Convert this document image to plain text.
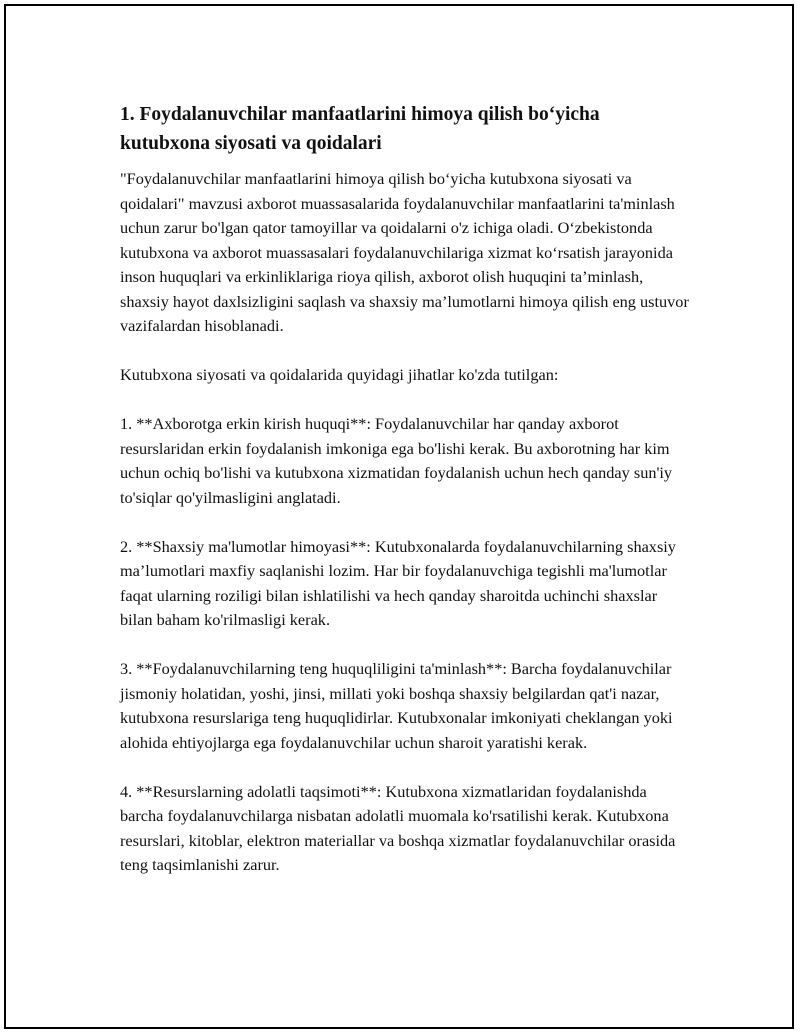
1. Foydalanuvchilar manfaatlarini himoya qilish bo‘yicha kutubxona siyosati va qoidalari

"Foydalanuvchilar manfaatlarini himoya qilish bo‘yicha kutubxona siyosati va qoidalari" mavzusi axborot muassasalarida foydalanuvchilar manfaatlarini ta'minlash uchun zarur bo'lgan qator tamoyillar va qoidalarni o'z ichiga oladi. O‘zbekistonda kutubxona va axborot muassasalari foydalanuvchilariga xizmat ko‘rsatish jarayonida inson huquqlari va erkinliklariga rioya qilish, axborot olish huquqini ta’minlash, shaxsiy hayot daxlsizligini saqlash va shaxsiy ma’lumotlarni himoya qilish eng ustuvor vazifalardan hisoblanadi.

Kutubxona siyosati va qoidalarida quyidagi jihatlar ko'zda tutilgan:

1. **Axborotga erkin kirish huquqi**: Foydalanuvchilar har qanday axborot resurslaridan erkin foydalanish imkoniga ega bo'lishi kerak. Bu axborotning har kim uchun ochiq bo'lishi va kutubxona xizmatidan foydalanish uchun hech qanday sun'iy to'siqlar qo'yilmasligini anglatadi.

2. **Shaxsiy ma'lumotlar himoyasi**: Kutubxonalarda foydalanuvchilarning shaxsiy ma’lumotlari maxfiy saqlanishi lozim. Har bir foydalanuvchiga tegishli ma'lumotlar faqat ularning roziligi bilan ishlatilishi va hech qanday sharoitda uchinchi shaxslar bilan baham ko'rilmasligi kerak.

3. **Foydalanuvchilarning teng huquqliligini ta'minlash**: Barcha foydalanuvchilar jismoniy holatidan, yoshi, jinsi, millati yoki boshqa shaxsiy belgilardan qat'i nazar, kutubxona resurslariga teng huquqlidirlar. Kutubxonalar imkoniyati cheklangan yoki alohida ehtiyojlarga ega foydalanuvchilar uchun sharoit yaratishi kerak.

4. **Resurslarning adolatli taqsimoti**: Kutubxona xizmatlaridan foydalanishda barcha foydalanuvchilarga nisbatan adolatli muomala ko'rsatilishi kerak. Kutubxona resurslari, kitoblar, elektron materiallar va boshqa xizmatlar foydalanuvchilar orasida teng taqsimlanishi zarur.
